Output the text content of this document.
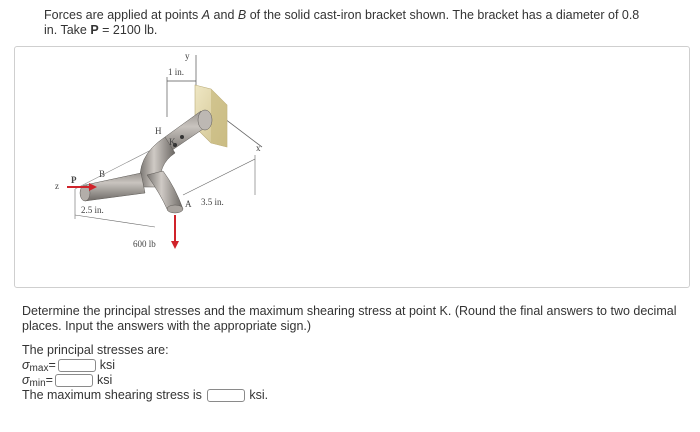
Forces are applied at points A and B of the solid cast-iron bracket shown. The bracket has a diameter of 0.8
in. Take P = 2100 lb.
y
1 in.
H
K
P
B
z
2.5 in.
A 3.5 in.
x
600 lb
Determine the principal stresses and the maximum shearing stress at point K. (Round the final answers to two decimal places. Input the answers with the appropriate sign.)
The principal stresses are:
σ max =	ksi
σ min =	ksi
The maximum shearing stress is
	ksi.
